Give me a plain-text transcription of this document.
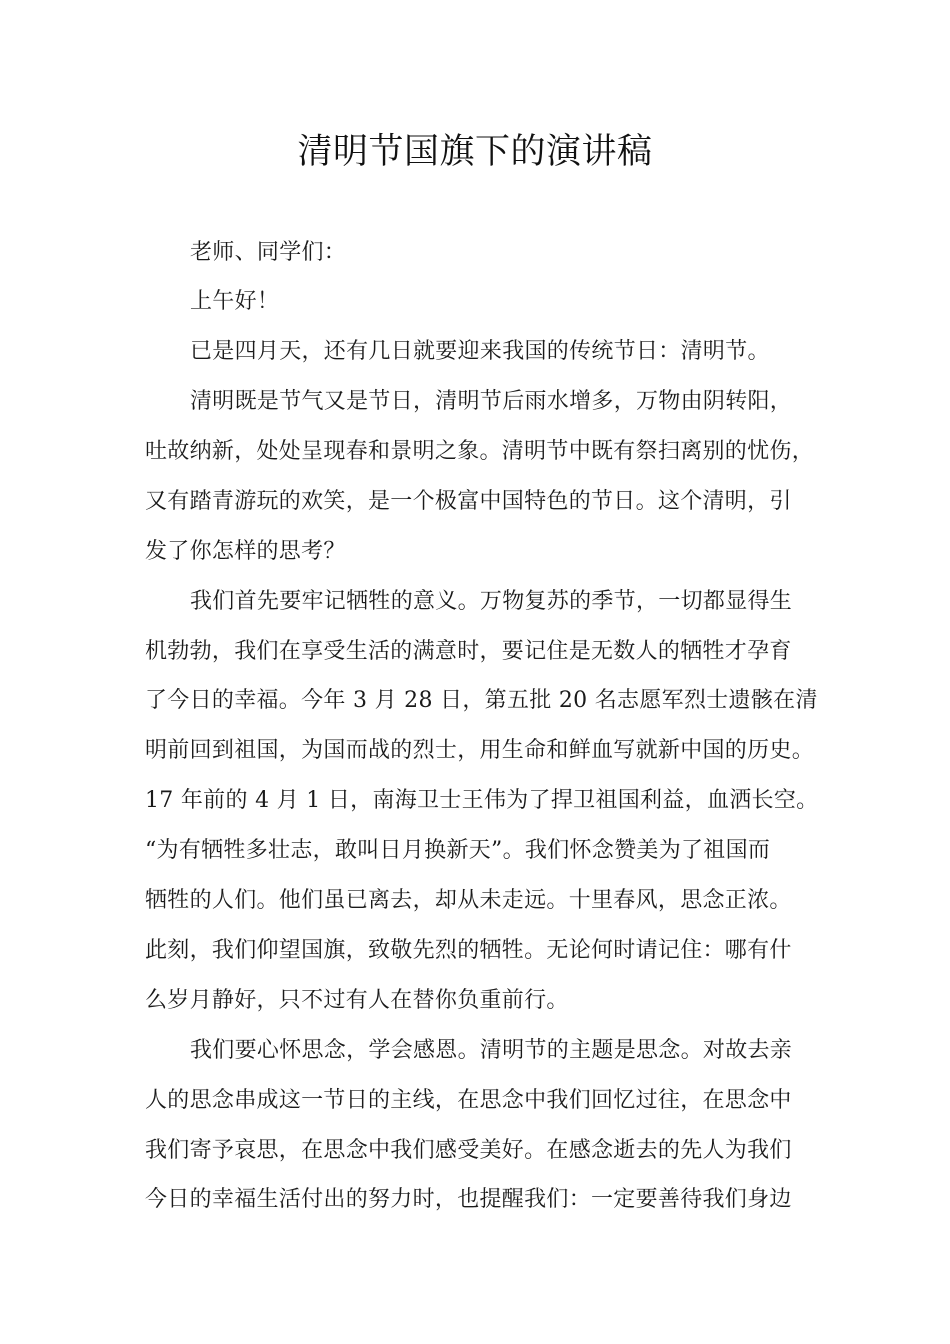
清明节国旗下的演讲稿
老师、同学们：
上午好！
已是四月天，还有几日就要迎来我国的传统节日：清明节。
清明既是节气又是节日，清明节后雨水增多，万物由阴转阳，
吐故纳新，处处呈现春和景明之象。清明节中既有祭扫离别的忧伤，
又有踏青游玩的欢笑，是一个极富中国特色的节日。这个清明，引
发了你怎样的思考？
我们首先要牢记牺牲的意义。万物复苏的季节，一切都显得生
机勃勃，我们在享受生活的满意时，要记住是无数人的牺牲才孕育
了今日的幸福。今年 3 月 28 日，第五批 20 名志愿军烈士遗骸在清
明前回到祖国，为国而战的烈士，用生命和鲜血写就新中国的历史。
17 年前的 4 月 1 日，南海卫士王伟为了捍卫祖国利益，血洒长空。
“为有牺牲多壮志，敢叫日月换新天”。我们怀念赞美为了祖国而
牺牲的人们。他们虽已离去，却从未走远。十里春风，思念正浓。
此刻，我们仰望国旗，致敬先烈的牺牲。无论何时请记住：哪有什
么岁月静好，只不过有人在替你负重前行。
我们要心怀思念，学会感恩。清明节的主题是思念。对故去亲
人的思念串成这一节日的主线，在思念中我们回忆过往，在思念中
我们寄予哀思，在思念中我们感受美好。在感念逝去的先人为我们
今日的幸福生活付出的努力时，也提醒我们：一定要善待我们身边
